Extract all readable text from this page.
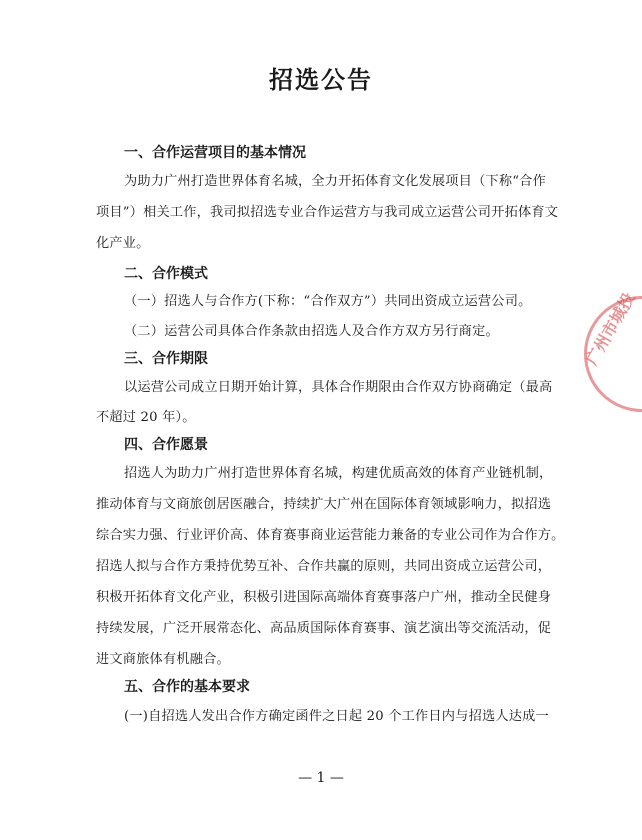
招选公告
一、合作运营项目的基本情况
为助力广州打造世界体育名城，全力开拓体育文化发展项目（下称“合作
项目”）相关工作，我司拟招选专业合作运营方与我司成立运营公司开拓体育文
化产业。
二、合作模式
（一）招选人与合作方(下称：“合作双方”）共同出资成立运营公司。
（二）运营公司具体合作条款由招选人及合作方双方另行商定。
三、合作期限
以运营公司成立日期开始计算，具体合作期限由合作双方协商确定（最高
不超过 20 年）。
四、合作愿景
招选人为助力广州打造世界体育名城，构建优质高效的体育产业链机制，
推动体育与文商旅创居医融合，持续扩大广州在国际体育领域影响力，拟招选
综合实力强、行业评价高、体育赛事商业运营能力兼备的专业公司作为合作方。
招选人拟与合作方秉持优势互补、合作共赢的原则，共同出资成立运营公司，
积极开拓体育文化产业，积极引进国际高端体育赛事落户广州，推动全民健身
持续发展，广泛开展常态化、高品质国际体育赛事、演艺演出等交流活动，促
进文商旅体有机融合。
五、合作的基本要求
(一)自招选人发出合作方确定函件之日起 20 个工作日内与招选人达成一
— 1 —
广州市城投
